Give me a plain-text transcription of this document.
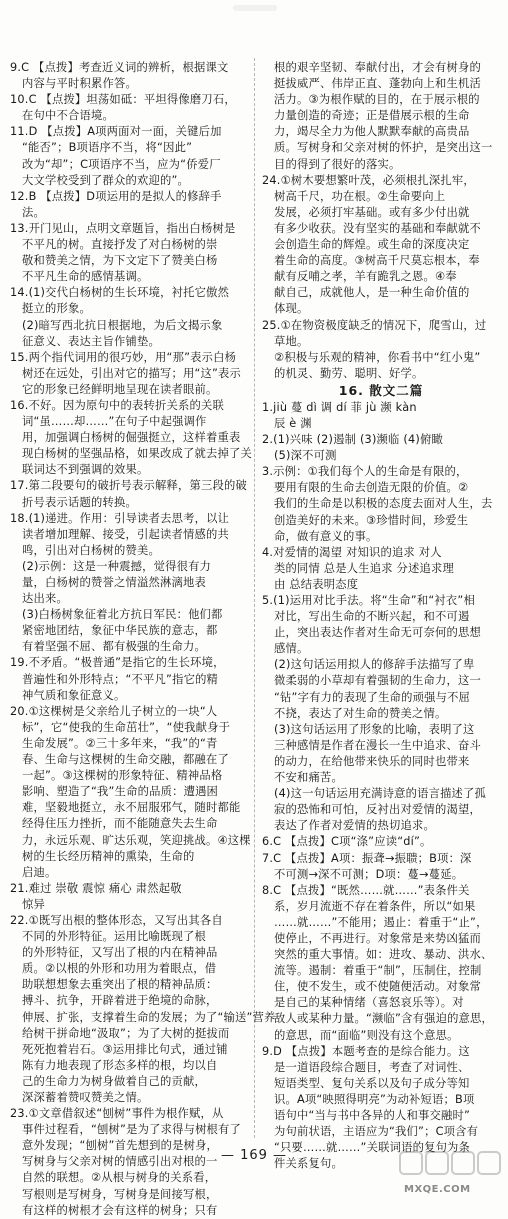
9.C 【点拨】考查近义词的辨析，根据课文
内容与平时积累作答。
10.C 【点拨】坦荡如砥：平坦得像磨刀石，
在句中不合语境。
11.D 【点拨】A项两面对一面，关键后加
“能否”；B项语序不当，将“因此”
改为“却”；C项语序不当，应为“侨爱厂
大文学校受到了群众的欢迎的”。
12.B 【点拨】D项运用的是拟人的修辞手
法。
13.开门见山，点明文章题旨，指出白杨树是
不平凡的树。直接抒发了对白杨树的崇
敬和赞美之情，为下文定下了赞美白杨
不平凡生命的感情基调。
14.(1)交代白杨树的生长环境，衬托它傲然
挺立的形象。
(2)暗写西北抗日根据地，为后文揭示象
征意义、表达主旨作铺垫。
15.两个指代词用的很巧妙，用“那”表示白杨
树还在远处，引出对它的描写；用“这”表示
它的形象已经鲜明地呈现在读者眼前。
16.不好。因为原句中的表转折关系的关联
词“虽……却……”在句子中起强调作
用，加强调白杨树的倔强挺立，这样着重表
现白杨树的坚强品格，如果改成了就去掉了关
联词达不到强调的效果。
17.第二段要句的破折号表示解释，第三段的破
折号表示话题的转换。
18.(1)递进。作用：引导读者去思考，以让
读者增加理解、接受，引起读者情感的共
鸣，引出对白杨树的赞美。
(2)示例：这是一种震撼，觉得很有力
量，白杨树的赞誉之情溢然淋漓地表
达出来。
(3)白杨树象征着北方抗日军民：他们都
紧密地团结，象征中华民族的意志，都
有着坚强不屈、都有极强的生命力。
19.不矛盾。“极普通”是指它的生长环境，
普遍性和外形特点；“不平凡”指它的精
神气质和象征意义。
20.①这棵树是父亲给儿子树立的一块“人
标”，它“使我的生命茁壮”，“使我献身于
生命发展”。②三十多年来，“我”的“青
春、生命与这棵树的生命交融，都融在了
一起”。③这棵树的形象特征、精神品格
影响、塑造了“我”生命的品质：遭遇困
难，坚毅地挺立，永不屈服邪气，随时都能
经得住压力挫折，而不能随意失去生命
力，永远乐观、旷达乐观，笑迎挑战。④这棵
树的生长经历精神的熏染，生命的
启迪。
21.难过 崇敬 震惊 痛心 肃然起敬
惊异
22.①既写出根的整体形态，又写出其各自
不同的外形特征。运用比喻既现了根
的外形特征，又写出了根的内在精神品
质。②以根的外形和功用为着眼点，借
助联想想象去重突出了根的精神品质：
搏斗、抗争，开辟着进于绝境的命脉，
伸展、扩张，支撑着生命的发展；为了“输送”营养
给树干拼命地“汲取”；为了大树的挺拔而
死死抱着岩石。③运用排比句式，通过铺
陈有力地表现了形态多样的根，均以自
己的生命力为树身做着自己的贡献，
深深蓄着赞叹赞美之情。
23.①文章借叙述“刨树”事件为根作赋，从
事件过程看，“刨树”是为了求得与树根有了
意外发现；“刨树”首先想到的是树身，
写树身与父亲对树的情感引出对根的一
自然的联想。②从根与树身的关系看，
写根则是写树身，写树身是间接写根，
有这样的树根才会有这样的树身；只有
根的艰辛坚韧、奉献付出，才会有树身的
挺拔威严、伟岸正直、蓬勃向上和生机活
活力。③为根作赋的目的，在于展示根的
力量创造的奇迹；正是借展示根的生命
力，竭尽全力为他人默默奉献的高贵品
质。写树身和父亲对树的怀护，是突出这一
目的得到了很好的落实。
24.①树木要想繁叶茂，必须根扎深扎牢，
树高千尺，功在根。②生命要向上
发展，必须打牢基础。或有多少付出就
有多少收获。没有坚实的基础和奉献就不
会创造生命的辉煌。或生命的深度决定
着生命的高度。③树高千尺莫忘根本，奉
献有反哺之孝，羊有跪乳之恩。④奉
献自己，成就他人，是一种生命价值的
体现。
25.①在物资极度缺乏的情况下，爬雪山，过
草地。
②积极与乐观的精神，你看书中“红小鬼”
的机灵、勤劳、聪明、好学。
16. 散文二篇
1.jiù 蔓 dì 调 dí 菲 jù 濒 kàn
辰 è 渊
2.(1)兴味 (2)遏制 (3)濒临 (4)俯瞰
(5)深不可测
3.示例：①我们每个人的生命是有限的，
要用有限的生命去创造无限的价值。②
我们的生命是以积极的态度去面对人生，去
创造美好的未来。③珍惜时间，珍爱生
命，做有意义的事。
4.对爱情的渴望 对知识的追求 对人
类的同情 总是人生追求 分述追求理
由 总结表明态度
5.(1)运用对比手法。将“生命”和“衬衣”相
对比，写出生命的不断兴起，和不可遏
止，突出表达作者对生命无可奈何的思想
感情。
(2)这句话运用拟人的修辞手法描写了卑
微柔弱的小草却有着强韧的生命力，这一
“钻”字有力的表现了生命的顽强与不屈
不挠，表达了对生命的赞美之情。
(3)这句话运用了形象的比喻，表明了这
三种感情是作者在漫长一生中追求、奋斗
的动力，在给他带来快乐的同时也带来
不安和痛苦。
(4)这一句话运用充满诗意的语言描述了孤
寂的恐怖和可怕，反衬出对爱情的渴望，
表达了作者对爱情的热切追求。
6.C 【点拨】C项“涤”应读“dí”。
7.C 【点拨】A项：振聋→振聩；B项：深
不可测→深不可测；D项：蔓→蔓延。
8.C 【点拨】“既然……就……”表条件关
系，岁月流逝不存在着条件，所以“如果
……就……”不能用；遏止：着重于“止”，
使停止，不再进行。对象常是来势凶猛而
突然的重大事情。如：进攻、暴动、洪水、
流等。遏制：着重于“制”，压制住，控制
住，使不发生，或不使随便活动。对象常
是自己的某种情绪（喜怒哀乐等）。对
敌人或某种力量。“濒临”含有强迫的意思，
的意思，而“面临”则没有这个意思。
9.D 【点拨】本题考查的是综合能力。这
是一道语段综合题目，考查了对词性、
短语类型、复句关系以及句子成分等知
识。A项“映照得明亮”为动补短语；B项
语句中“当与书中各异的人和事交融时”
为句前状语，主语应为“我们”；C项含有
“只要……就……”关联词语的复句为条
件关系复句。
— 169 —
MXQE.COM
